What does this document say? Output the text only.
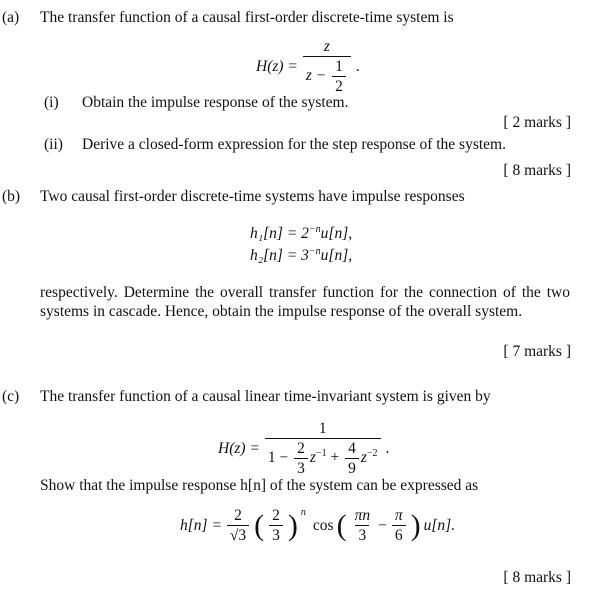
(a) The transfer function of a causal first-order discrete-time system is
$H(z) = \frac{z}{z - \frac{1}{2}}$ .
(i) Obtain the impulse response of the system.
[ 2 marks ]
(ii) Derive a closed-form expression for the step response of the system.
[ 8 marks ]
(b) Two causal first-order discrete-time systems have impulse responses
$h_1[n] = 2^{-n}u[n]$,
$h_2[n] = 3^{-n}u[n]$,
respectively. Determine the overall transfer function for the connection of the two systems in cascade. Hence, obtain the impulse response of the overall system.
[ 7 marks ]
(c) The transfer function of a causal linear time-invariant system is given by
H(z) =
1
$1 - \frac{2}{3} z^{-1} + \frac{4}{9} z^{-2}$ .
Show that the impulse response h[n] of the system can be expressed as
$h[n] = \frac{2}{√3}$ ( $\frac{2}{3}$ ) $^n$
cos ( $\frac{\pi n}{3} - \frac{\pi}{6}$ ) u[n].
[ 8 marks ]
